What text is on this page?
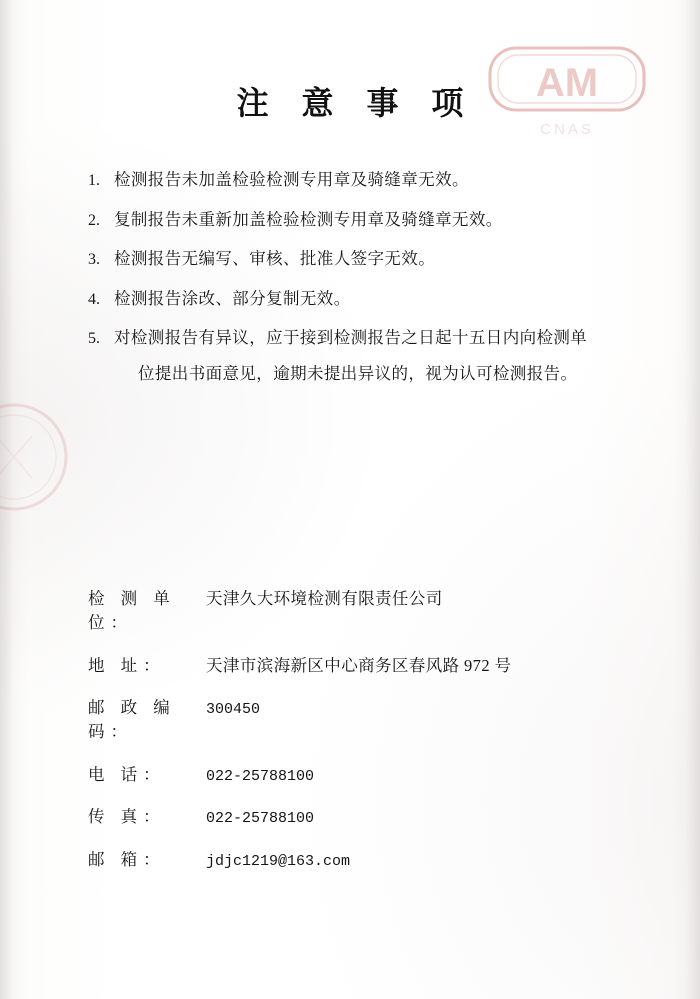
AM
CNAS
注 意 事 项
1. 检测报告未加盖检验检测专用章及骑缝章无效。
2. 复制报告未重新加盖检验检测专用章及骑缝章无效。
3. 检测报告无编写、审核、批准人签字无效。
4. 检测报告涂改、部分复制无效。
5. 对检测报告有异议，应于接到检测报告之日起十五日内向检测单
位提出书面意见，逾期未提出异议的，视为认可检测报告。
检 测 单 位：
天津久大环境检测有限责任公司
地 址：	天津市滨海新区中心商务区春风路 972 号
邮 政 编 码：
300450
电 话：	022-25788100
传 真：	022-25788100
邮 箱：	jdjc1219@163.com
